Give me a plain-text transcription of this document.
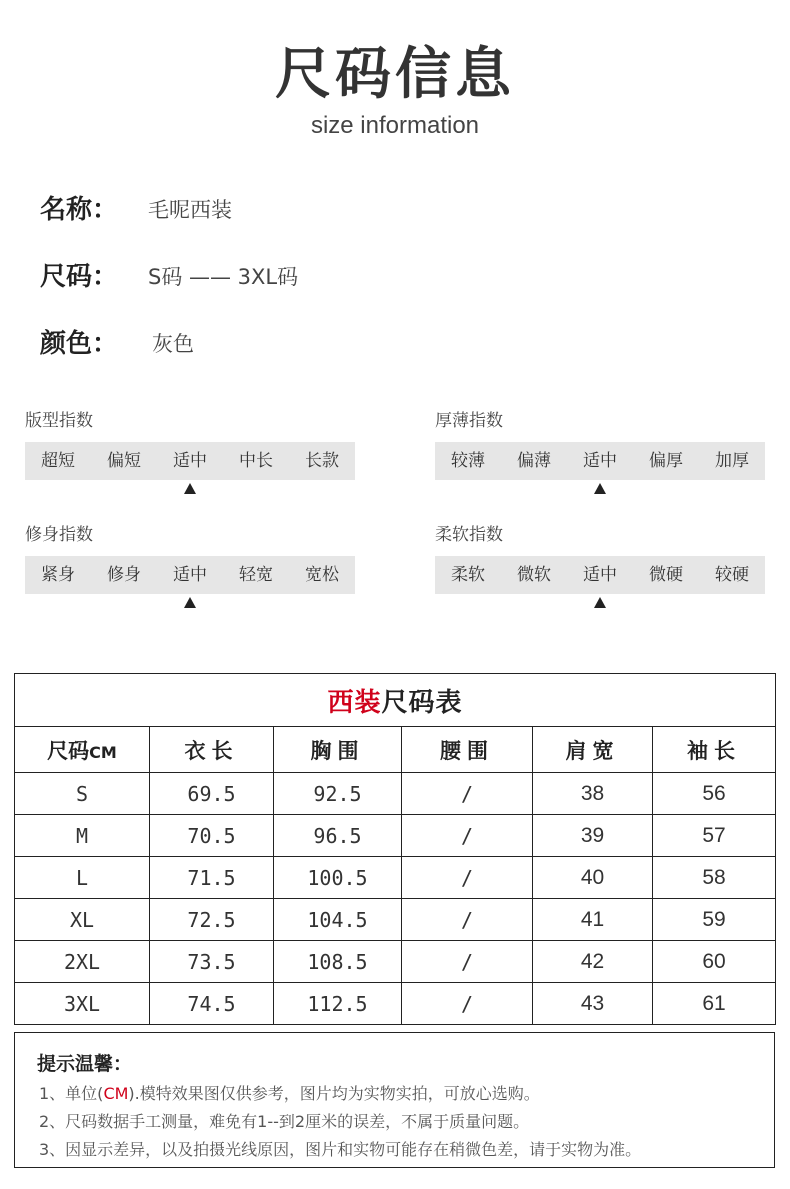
尺码信息
size information
名称： 毛呢西装
尺码： S码 —— 3XL码
颜色： 灰色
版型指数
超短	偏短	适中	中长	长款
厚薄指数
较薄	偏薄	适中	偏厚	加厚
修身指数
紧身	修身	适中	轻宽	宽松
柔软指数
柔软	微软	适中	微硬	较硬
西装尺码表					
尺码CM	衣长	胸围	腰围	肩宽	袖长
S	69.5	92.5	/	38	56
M	70.5	96.5	/	39	57
L	71.5	100.5	/	40	58
XL	72.5	104.5	/	41	59
2XL	73.5	108.5	/	42	60
3XL	74.5	112.5	/	43	61
提示温馨：
1、单位(CM).模特效果图仅供参考，图片均为实物实拍，可放心选购。
2、尺码数据手工测量，难免有1--到2厘米的误差，不属于质量问题。
3、因显示差异，以及拍摄光线原因，图片和实物可能存在稍微色差，请于实物为准。
